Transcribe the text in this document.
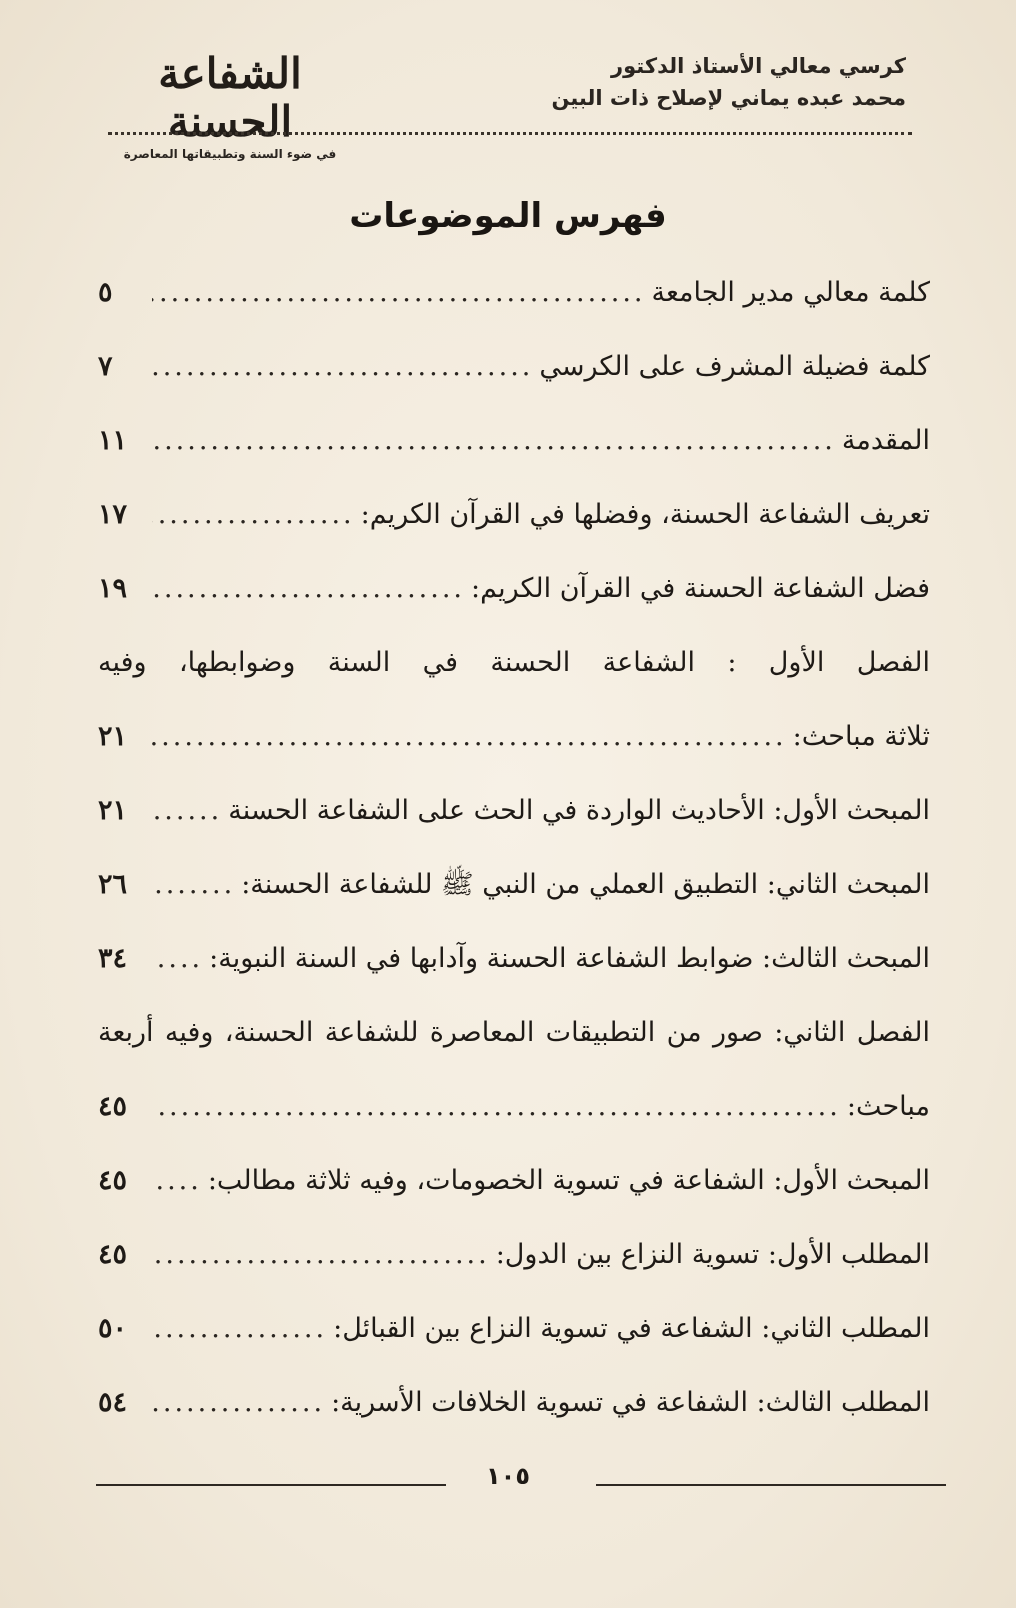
كرسي معالي الأستاذ الدكتور
محمد عبده يماني لإصلاح ذات البين
الشفاعة الحسنة
في ضوء السنة وتطبيقاتها المعاصرة
فهرس الموضوعات
كلمة معالي مدير الجامعة
.....
٥
كلمة فضيلة المشرف على الكرسي
.....
٧
المقدمة
.....
١١
تعريف الشفاعة الحسنة، وفضلها في القرآن الكريم:
.....
١٧
فضل الشفاعة الحسنة في القرآن الكريم:
.....
١٩
الفصل الأول : الشفاعة الحسنة في السنة وضوابطها، وفيه
ثلاثة مباحث:
.....
٢١
المبحث الأول: الأحاديث الواردة في الحث على الشفاعة الحسنة
.....
٢١
المبحث الثاني: التطبيق العملي من النبي ﷺ للشفاعة الحسنة:
.....
٢٦
المبحث الثالث: ضوابط الشفاعة الحسنة وآدابها في السنة النبوية:
.....
٣٤
الفصل الثاني: صور من التطبيقات المعاصرة للشفاعة الحسنة، وفيه أربعة
مباحث:
.....
٤٥
المبحث الأول: الشفاعة في تسوية الخصومات، وفيه ثلاثة مطالب:
.....
٤٥
المطلب الأول: تسوية النزاع بين الدول:
.....
٤٥
المطلب الثاني: الشفاعة في تسوية النزاع بين القبائل:
.....
٥٠
المطلب الثالث: الشفاعة في تسوية الخلافات الأسرية:
.....
٥٤
١٠٥
